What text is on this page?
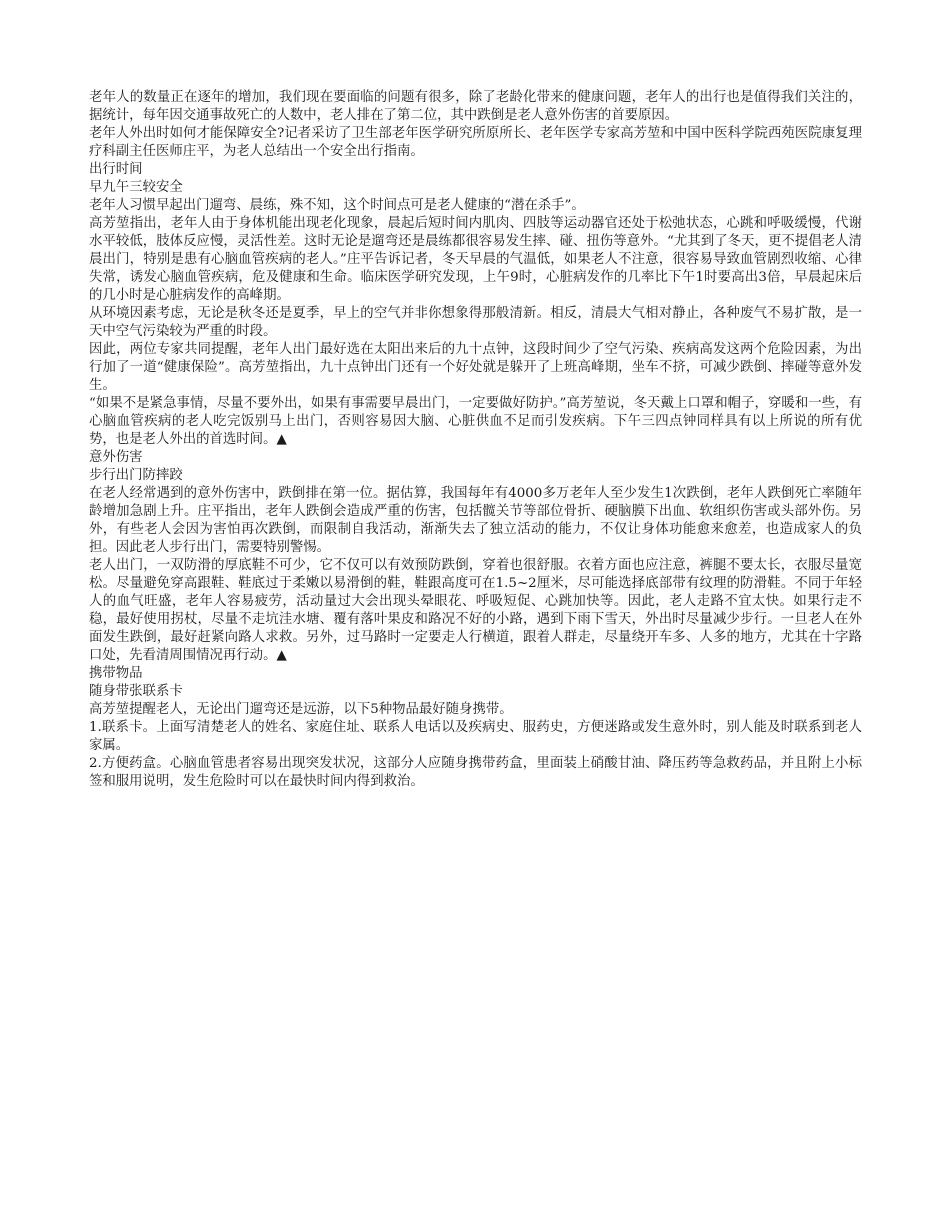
老年人的数量正在逐年的增加，我们现在要面临的问题有很多，除了老龄化带来的健康问题，老年人的出行也是值得我们关注的，据统计，每年因交通事故死亡的人数中，老人排在了第二位，其中跌倒是老人意外伤害的首要原因。

老年人外出时如何才能保障安全?记者采访了卫生部老年医学研究所原所长、老年医学专家高芳堃和中国中医科学院西苑医院康复理疗科副主任医师庄平，为老人总结出一个安全出行指南。

出行时间

早九午三较安全

老年人习惯早起出门遛弯、晨练，殊不知，这个时间点可是老人健康的“潜在杀手”。

高芳堃指出，老年人由于身体机能出现老化现象，晨起后短时间内肌肉、四肢等运动器官还处于松弛状态，心跳和呼吸缓慢，代谢水平较低，肢体反应慢，灵活性差。这时无论是遛弯还是晨练都很容易发生摔、碰、扭伤等意外。“尤其到了冬天，更不提倡老人清晨出门，特别是患有心脑血管疾病的老人。”庄平告诉记者，冬天早晨的气温低，如果老人不注意，很容易导致血管剧烈收缩、心律失常，诱发心脑血管疾病，危及健康和生命。临床医学研究发现，上午9时，心脏病发作的几率比下午1时要高出3倍，早晨起床后的几小时是心脏病发作的高峰期。

从环境因素考虑，无论是秋冬还是夏季，早上的空气并非你想象得那般清新。相反，清晨大气相对静止，各种废气不易扩散，是一天中空气污染较为严重的时段。

因此，两位专家共同提醒，老年人出门最好选在太阳出来后的九十点钟，这段时间少了空气污染、疾病高发这两个危险因素，为出行加了一道“健康保险”。高芳堃指出，九十点钟出门还有一个好处就是躲开了上班高峰期，坐车不挤，可减少跌倒、摔碰等意外发生。

“如果不是紧急事情，尽量不要外出，如果有事需要早晨出门，一定要做好防护。”高芳堃说，冬天戴上口罩和帽子，穿暖和一些，有心脑血管疾病的老人吃完饭别马上出门，否则容易因大脑、心脏供血不足而引发疾病。下午三四点钟同样具有以上所说的所有优势，也是老人外出的首选时间。▲

意外伤害

步行出门防摔跤

在老人经常遇到的意外伤害中，跌倒排在第一位。据估算，我国每年有4000多万老年人至少发生1次跌倒，老年人跌倒死亡率随年龄增加急剧上升。庄平指出，老年人跌倒会造成严重的伤害，包括髋关节等部位骨折、硬脑膜下出血、软组织伤害或头部外伤。另外，有些老人会因为害怕再次跌倒，而限制自我活动，渐渐失去了独立活动的能力，不仅让身体功能愈来愈差，也造成家人的负担。因此老人步行出门，需要特别警惕。

老人出门，一双防滑的厚底鞋不可少，它不仅可以有效预防跌倒，穿着也很舒服。衣着方面也应注意，裤腿不要太长，衣服尽量宽松。尽量避免穿高跟鞋、鞋底过于柔嫩以易滑倒的鞋，鞋跟高度可在1.5~2厘米，尽可能选择底部带有纹理的防滑鞋。不同于年轻人的血气旺盛，老年人容易疲劳，活动量过大会出现头晕眼花、呼吸短促、心跳加快等。因此，老人走路不宜太快。如果行走不稳，最好使用拐杖，尽量不走坑洼水塘、覆有落叶果皮和路况不好的小路，遇到下雨下雪天，外出时尽量减少步行。一旦老人在外面发生跌倒，最好赶紧向路人求救。另外，过马路时一定要走人行横道，跟着人群走，尽量绕开车多、人多的地方，尤其在十字路口处，先看清周围情况再行动。▲

携带物品

随身带张联系卡

高芳堃提醒老人，无论出门遛弯还是远游，以下5种物品最好随身携带。

1.联系卡。上面写清楚老人的姓名、家庭住址、联系人电话以及疾病史、服药史，方便迷路或发生意外时，别人能及时联系到老人家属。

2.方便药盒。心脑血管患者容易出现突发状况，这部分人应随身携带药盒，里面装上硝酸甘油、降压药等急救药品，并且附上小标签和服用说明，发生危险时可以在最快时间内得到救治。
